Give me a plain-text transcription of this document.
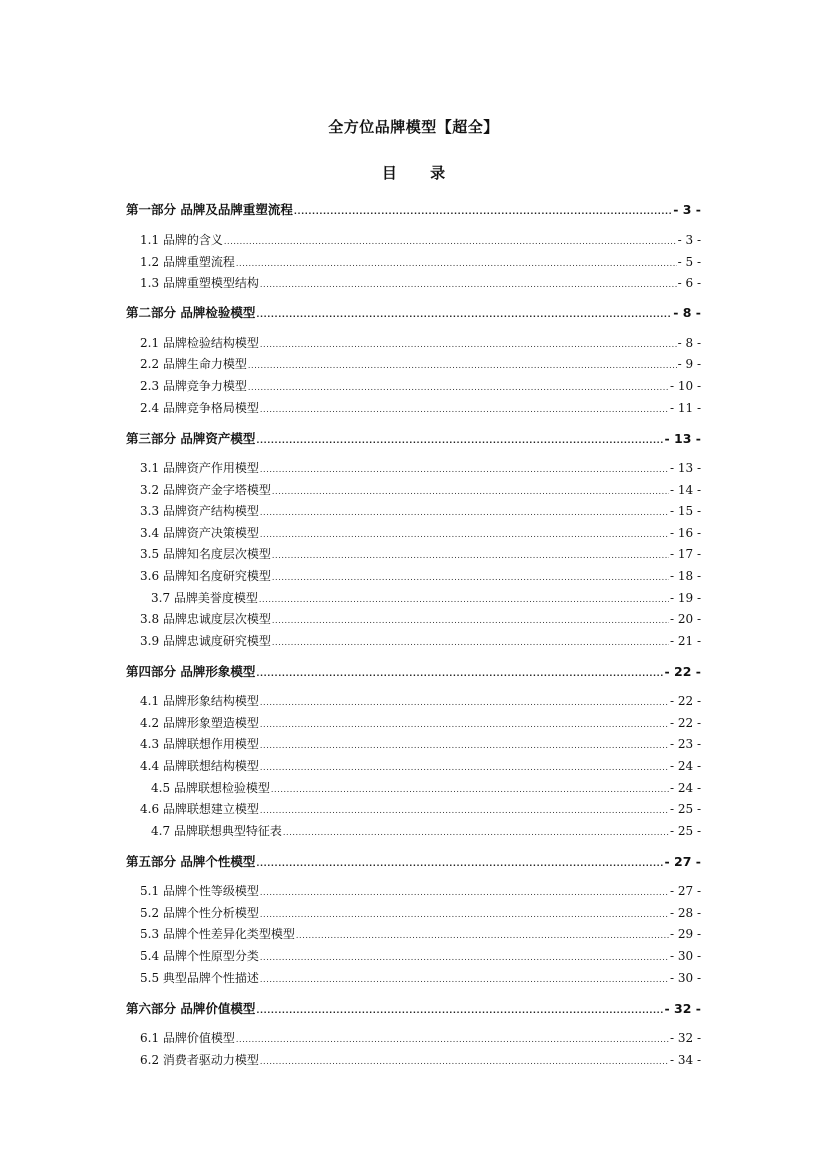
全方位品牌模型【超全】
目 录
第一部分 品牌及品牌重塑流程 .....	- 3 -
1.1 品牌的含义 .....	- 3 -
1.2 品牌重塑流程 .....	- 5 -
1.3 品牌重塑模型结构 .....	- 6 -
第二部分 品牌检验模型 .....	- 8 -
2.1 品牌检验结构模型 .....	- 8 -
2.2 品牌生命力模型 .....	- 9 -
2.3 品牌竞争力模型 .....	- 10 -
2.4 品牌竞争格局模型 .....	- 11 -
第三部分 品牌资产模型 .....	- 13 -
3.1 品牌资产作用模型 .....	- 13 -
3.2 品牌资产金字塔模型 .....	- 14 -
3.3 品牌资产结构模型 .....	- 15 -
3.4 品牌资产决策模型 .....	- 16 -
3.5 品牌知名度层次模型 .....	- 17 -
3.6 品牌知名度研究模型 .....	- 18 -
3.7 品牌美誉度模型 .....	- 19 -
3.8 品牌忠诚度层次模型 .....	- 20 -
3.9 品牌忠诚度研究模型 .....	- 21 -
第四部分 品牌形象模型 .....	- 22 -
4.1 品牌形象结构模型 .....	- 22 -
4.2 品牌形象塑造模型 .....	- 22 -
4.3 品牌联想作用模型 .....	- 23 -
4.4 品牌联想结构模型 .....	- 24 -
4.5 品牌联想检验模型 .....	- 24 -
4.6 品牌联想建立模型 .....	- 25 -
4.7 品牌联想典型特征表 .....	- 25 -
第五部分 品牌个性模型 .....	- 27 -
5.1 品牌个性等级模型 .....	- 27 -
5.2 品牌个性分析模型 .....	- 28 -
5.3 品牌个性差异化类型模型 .....	- 29 -
5.4 品牌个性原型分类 .....	- 30 -
5.5 典型品牌个性描述 .....	- 30 -
第六部分 品牌价值模型 .....	- 32 -
6.1 品牌价值模型 .....	- 32 -
6.2 消费者驱动力模型 .....	- 34 -
